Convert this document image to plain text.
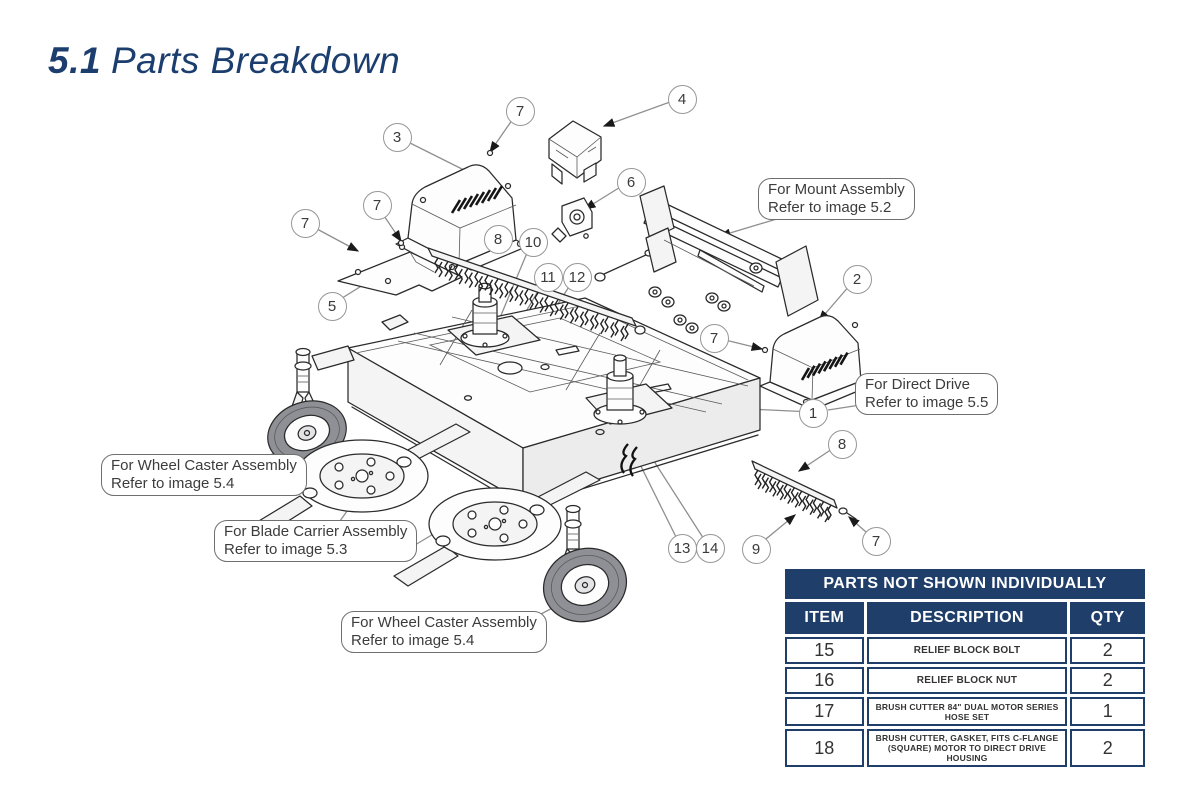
5.1 Parts Breakdown
7
3
4
6
7
7
8	10
11 12	2
5
7
1
8
13 14	9	7
For Mount Assembly
Refer to image 5.2
For Direct Drive
Refer to image 5.5
For Wheel Caster Assembly
Refer to image 5.4
For Blade Carrier Assembly
Refer to image 5.3
For Wheel Caster Assembly
Refer to image 5.4
PARTS NOT SHOWN INDIVIDUALLY		
ITEM	DESCRIPTION	QTY
15	RELIEF BLOCK BOLT	2
16	RELIEF BLOCK NUT	2
17	BRUSH CUTTER 84" DUAL MOTOR SERIES HOSE SET	1
18	BRUSH CUTTER, GASKET, FITS C-FLANGE (SQUARE) MOTOR TO DIRECT DRIVE HOUSING	2
